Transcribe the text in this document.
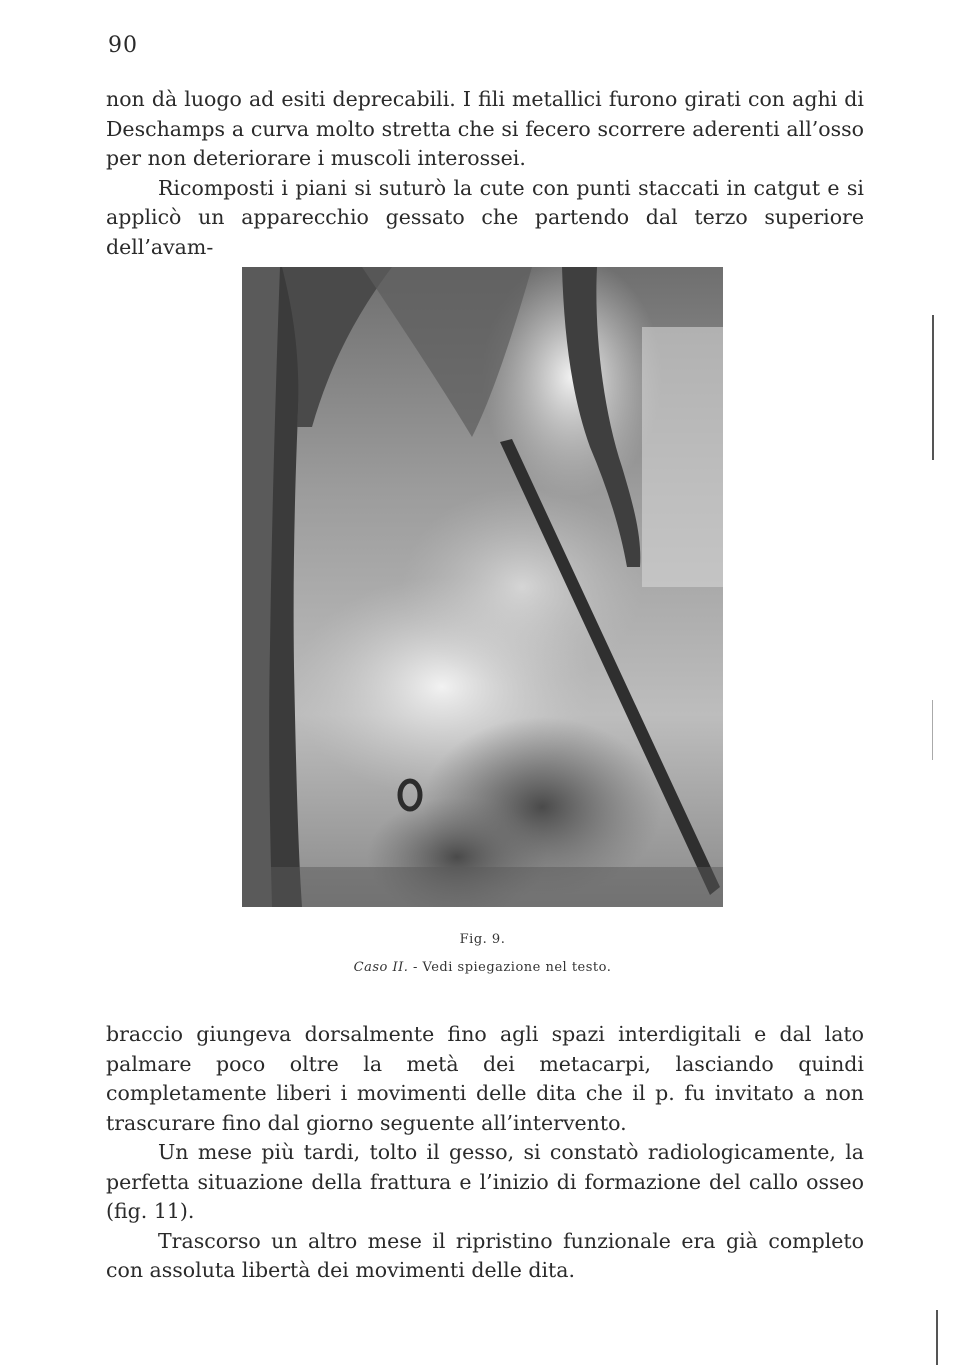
90

non dà luogo ad esiti deprecabili. I fili metallici furono girati con aghi di Deschamps a curva molto stretta che si fecero scorrere aderenti all’osso per non deteriorare i muscoli interossei.

Ricomposti i piani si suturò la cute con punti staccati in catgut e si applicò un apparecchio gessato che partendo dal terzo superiore dell’avam-

Fig. 9.
Caso II. - Vedi spiegazione nel testo.

braccio giungeva dorsalmente fino agli spazi interdigitali e dal lato palmare poco oltre la metà dei metacarpi, lasciando quindi completamente liberi i movimenti delle dita che il p. fu invitato a non trascurare fino dal giorno seguente all’intervento.

Un mese più tardi, tolto il gesso, si constatò radiologicamente, la perfetta situazione della frattura e l’inizio di formazione del callo osseo (fig. 11).

Trascorso un altro mese il ripristino funzionale era già completo con assoluta libertà dei movimenti delle dita.
